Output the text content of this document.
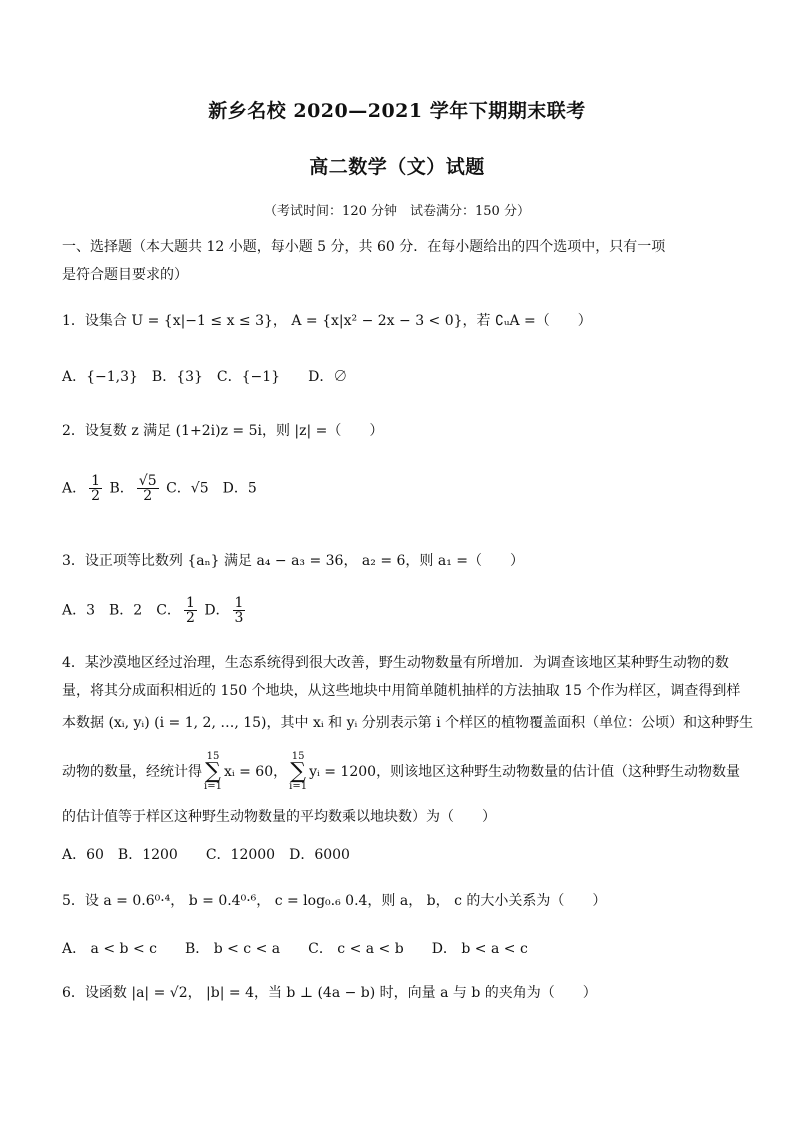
新乡名校 2020—2021 学年下期期末联考
高二数学（文）试题
（考试时间：120 分钟　试卷满分：150 分）
一、选择题（本大题共 12 小题，每小题 5 分，共 60 分．在每小题给出的四个选项中，只有一项
是符合题目要求的）
1．设集合 U = {x|−1 ≤ x ≤ 3}， A = {x|x² − 2x − 3 < 0}，若 ∁ᵤA =（　　）
A．{−1,3}　B．{3}　C．{−1}　　D．∅
2．设复数 z 满足 (1+2i)z = 5i，则 |z| =（　　）
A． $\frac{1}{2}$ B． $\frac{√5}{2}$ C．√5　D．5
3．设正项等比数列 {aₙ} 满足 a₄ − a₃ = 36， a₂ = 6，则 a₁ =（　　）
A．3　B．2　C． $\frac{1}{2}$ D． $\frac{1}{3}$
4．某沙漠地区经过治理，生态系统得到很大改善，野生动物数量有所增加．为调查该地区某种野生动物的数
量，将其分成面积相近的 150 个地块，从这些地块中用简单随机抽样的方法抽取 15 个作为样区，调查得到样
本数据 (xᵢ, yᵢ) (i = 1, 2, …, 15)，其中 xᵢ 和 yᵢ 分别表示第 i 个样区的植物覆盖面积（单位：公顷）和这种野生
动物的数量，经统计得15
∑
i=1xᵢ = 60，15
∑
i=1yᵢ = 1200，则该地区这种野生动物数量的估计值（这种野生动物数量
的估计值等于样区这种野生动物数量的平均数乘以地块数）为（　　）
A．60　B．1200　　C．12000　D．6000
5．设 a = 0.6⁰·⁴， b = 0.4⁰·⁶， c = log₀.₆ 0.4，则 a， b， c 的大小关系为（　　）
A． a < b < c　　B． b < c < a　　C． c < a < b　　D． b < a < c
6．设函数 |a| = √2， |b| = 4，当 b ⊥ (4a − b) 时，向量 a 与 b 的夹角为（　　）
